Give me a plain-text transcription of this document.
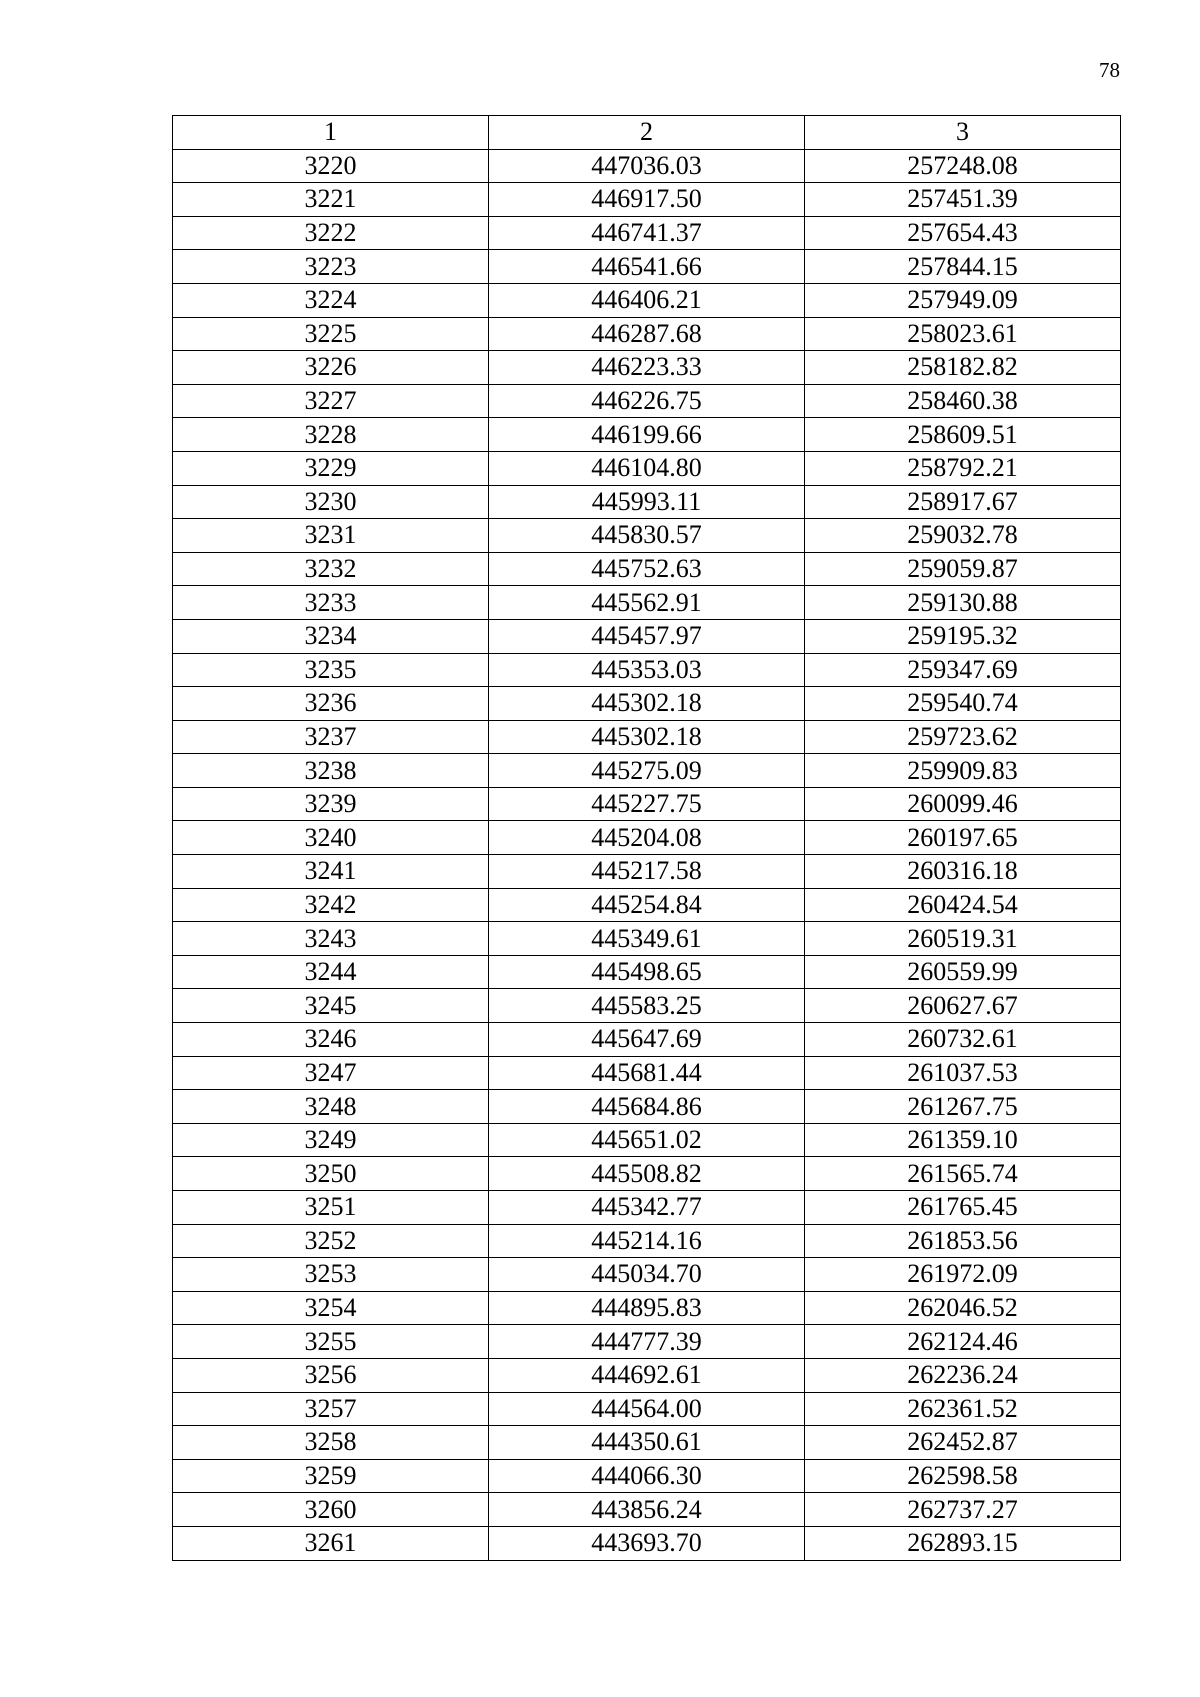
78
1	2	3
3220	447036.03	257248.08
3221	446917.50	257451.39
3222	446741.37	257654.43
3223	446541.66	257844.15
3224	446406.21	257949.09
3225	446287.68	258023.61
3226	446223.33	258182.82
3227	446226.75	258460.38
3228	446199.66	258609.51
3229	446104.80	258792.21
3230	445993.11	258917.67
3231	445830.57	259032.78
3232	445752.63	259059.87
3233	445562.91	259130.88
3234	445457.97	259195.32
3235	445353.03	259347.69
3236	445302.18	259540.74
3237	445302.18	259723.62
3238	445275.09	259909.83
3239	445227.75	260099.46
3240	445204.08	260197.65
3241	445217.58	260316.18
3242	445254.84	260424.54
3243	445349.61	260519.31
3244	445498.65	260559.99
3245	445583.25	260627.67
3246	445647.69	260732.61
3247	445681.44	261037.53
3248	445684.86	261267.75
3249	445651.02	261359.10
3250	445508.82	261565.74
3251	445342.77	261765.45
3252	445214.16	261853.56
3253	445034.70	261972.09
3254	444895.83	262046.52
3255	444777.39	262124.46
3256	444692.61	262236.24
3257	444564.00	262361.52
3258	444350.61	262452.87
3259	444066.30	262598.58
3260	443856.24	262737.27
3261	443693.70	262893.15
